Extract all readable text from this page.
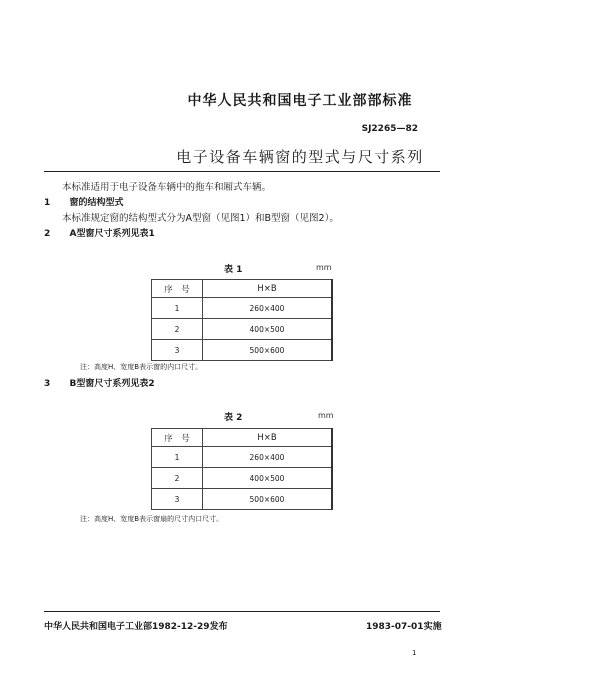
中华人民共和国电子工业部部标准
SJ2265—82
电子设备车辆窗的型式与尺寸系列
本标准适用于电子设备车辆中的拖车和厢式车辆。
1 窗的结构型式
本标准规定窗的结构型式分为A型窗（见图1）和B型窗（见图2）。
2 A型窗尺寸系列见表1
表 1	mm
序　号	H×B
1	260×400
2	400×500
3	500×600
注：高度H、宽度B表示窗的内口尺寸。
3 B型窗尺寸系列见表2
表 2	mm
序　号	H×B
1	260×400
2	400×500
3	500×600
注：高度H、宽度B表示窗扇的尺寸内口尺寸。
中华人民共和国电子工业部1982-12-29发布	1983-07-01实施
1
